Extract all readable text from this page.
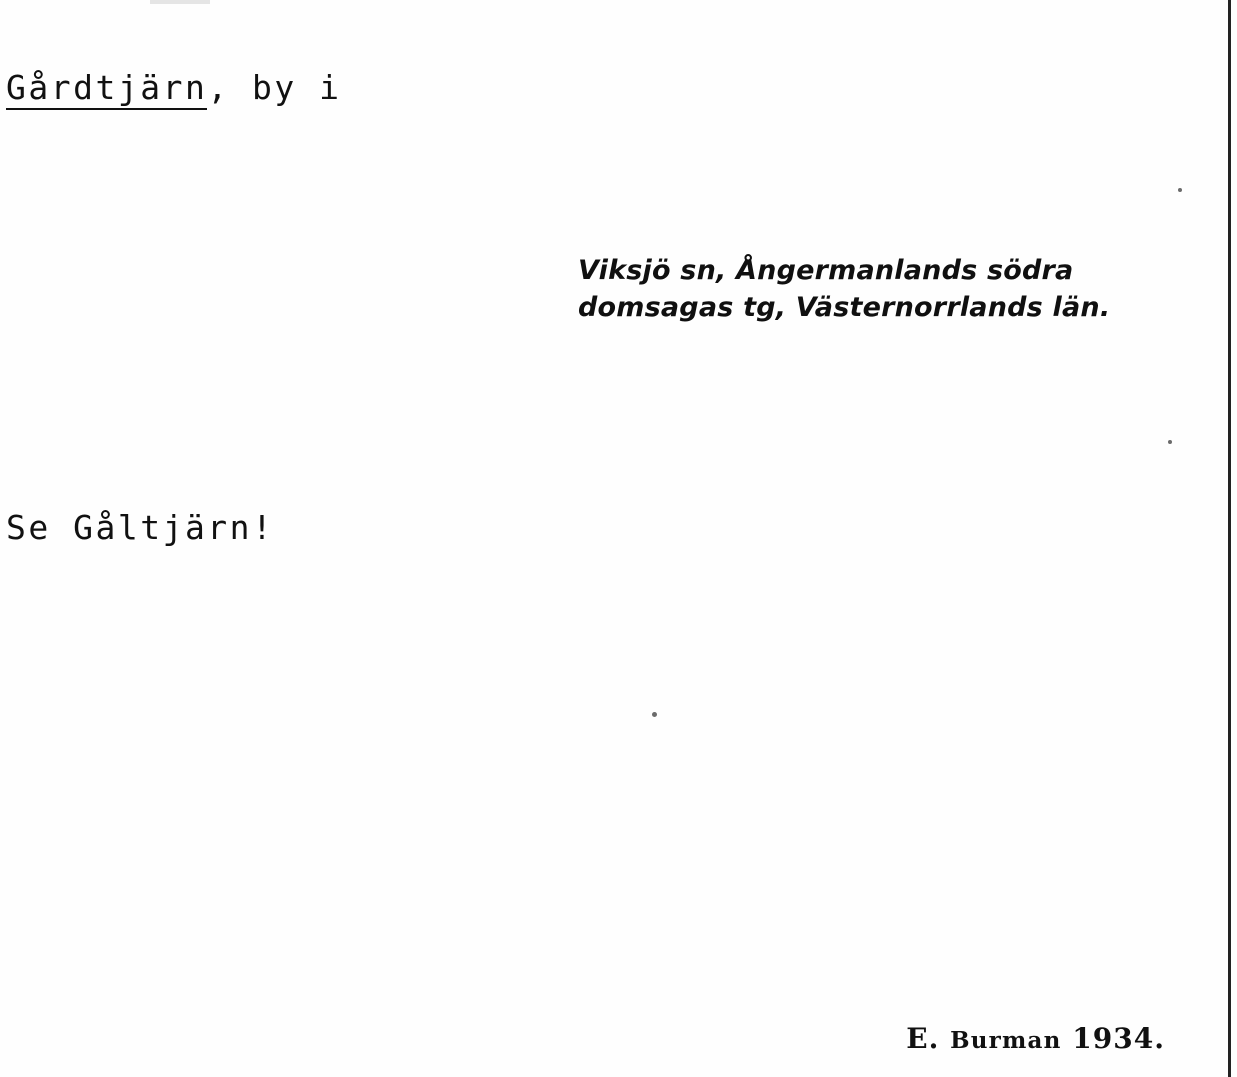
Gårdtjärn, by i
Viksjö sn, Ångermanlands södra
domsagas tg, Västernorrlands län.
Se Gåltjärn!
E. Burman 1934.
